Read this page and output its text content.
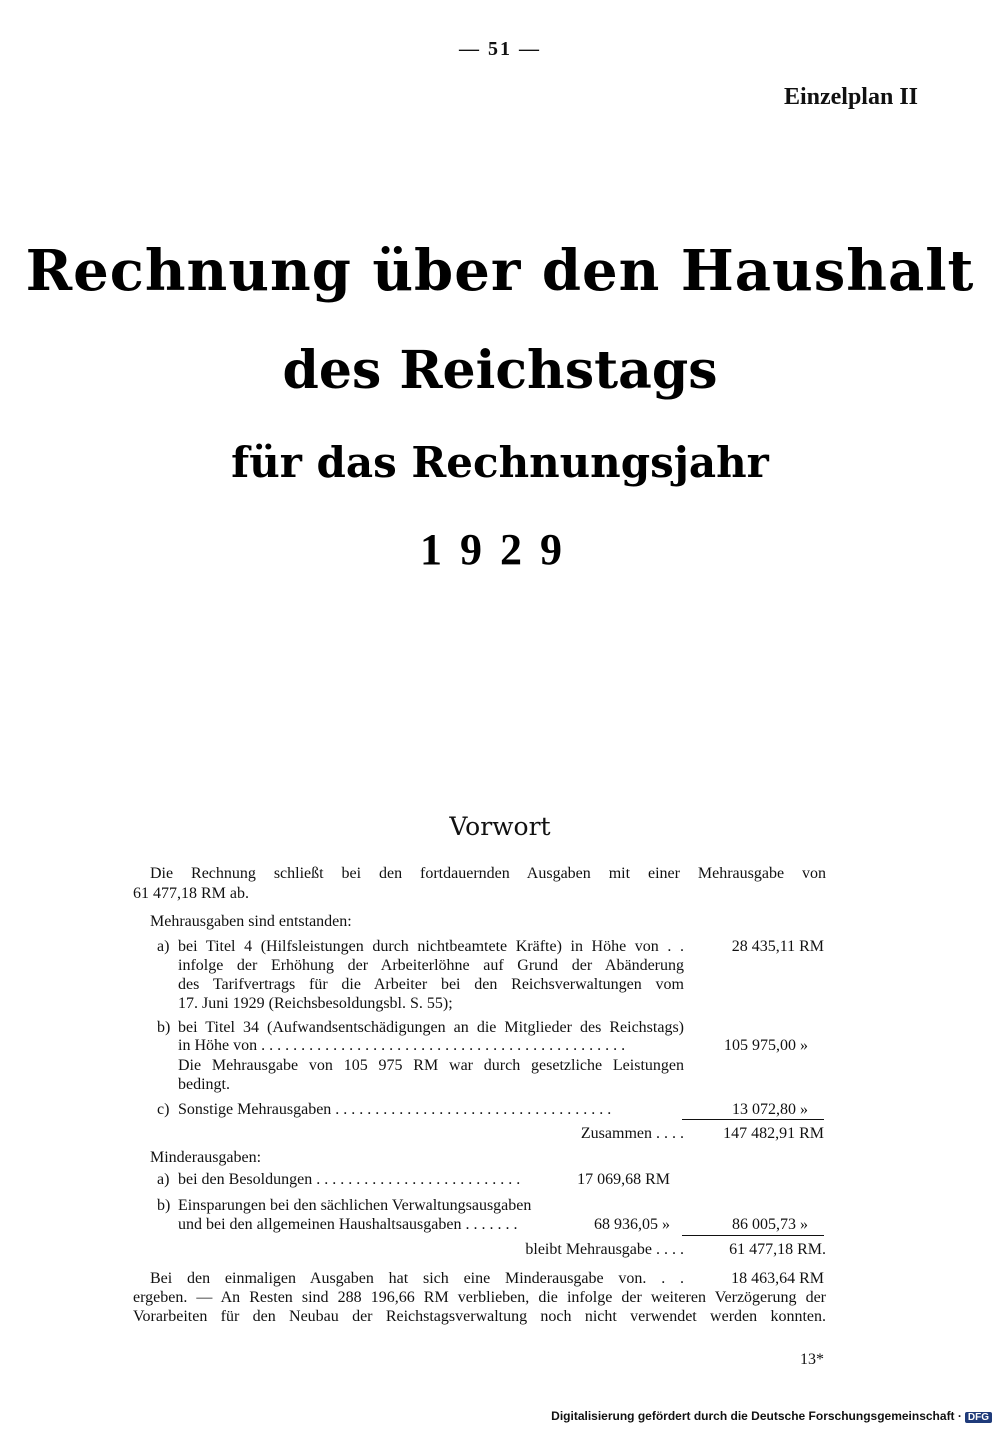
— 51 —
Einzelplan II
Rechnung über den Haushalt
des Reichstags
für das Rechnungsjahr
1929
Vorwort
Die Rechnung schließt bei den fortdauernden Ausgaben mit einer Mehrausgabe von
61 477,18 RM ab.
Mehrausgaben sind entstanden:
a) bei Titel 4 (Hilfsleistungen durch nichtbeamtete Kräfte) in Höhe von . .	28 435,11 RM
infolge der Erhöhung der Arbeiterlöhne auf Grund der Abänderung
des Tarifvertrags für die Arbeiter bei den Reichsverwaltungen vom
17. Juni 1929 (Reichsbesoldungsbl. S. 55);
b) bei Titel 34 (Aufwandsentschädigungen an die Mitglieder des Reichstags)
in Höhe von . . . . . . . . . . . . . . . . . . . . . . . . . . . . . . . . . . . . . . . . . . . . . .	105 975,00 »
Die Mehrausgabe von 105 975 RM war durch gesetzliche Leistungen
bedingt.
c) Sonstige Mehrausgaben . . . . . . . . . . . . . . . . . . . . . . . . . . . . . . . . . . .	13 072,80 »
Zusammen . . . .	147 482,91 RM
Minderausgaben:
a) bei den Besoldungen . . . . . . . . . . . . . . . . . . . . . . . . . .	17 069,68 RM
b) Einsparungen bei den sächlichen Verwaltungsausgaben
und bei den allgemeinen Haushaltsausgaben . . . . . . .	68 936,05 »	86 005,73 »
bleibt Mehrausgabe . . . .	61 477,18 RM.
Bei den einmaligen Ausgaben hat sich eine Minderausgabe von. . .	18 463,64 RM
ergeben. — An Resten sind 288 196,66 RM verblieben, die infolge der weiteren Verzögerung der
Vorarbeiten für den Neubau der Reichstagsverwaltung noch nicht verwendet werden konnten.
13*
Digitalisierung gefördert durch die Deutsche Forschungsgemeinschaft · DFG
